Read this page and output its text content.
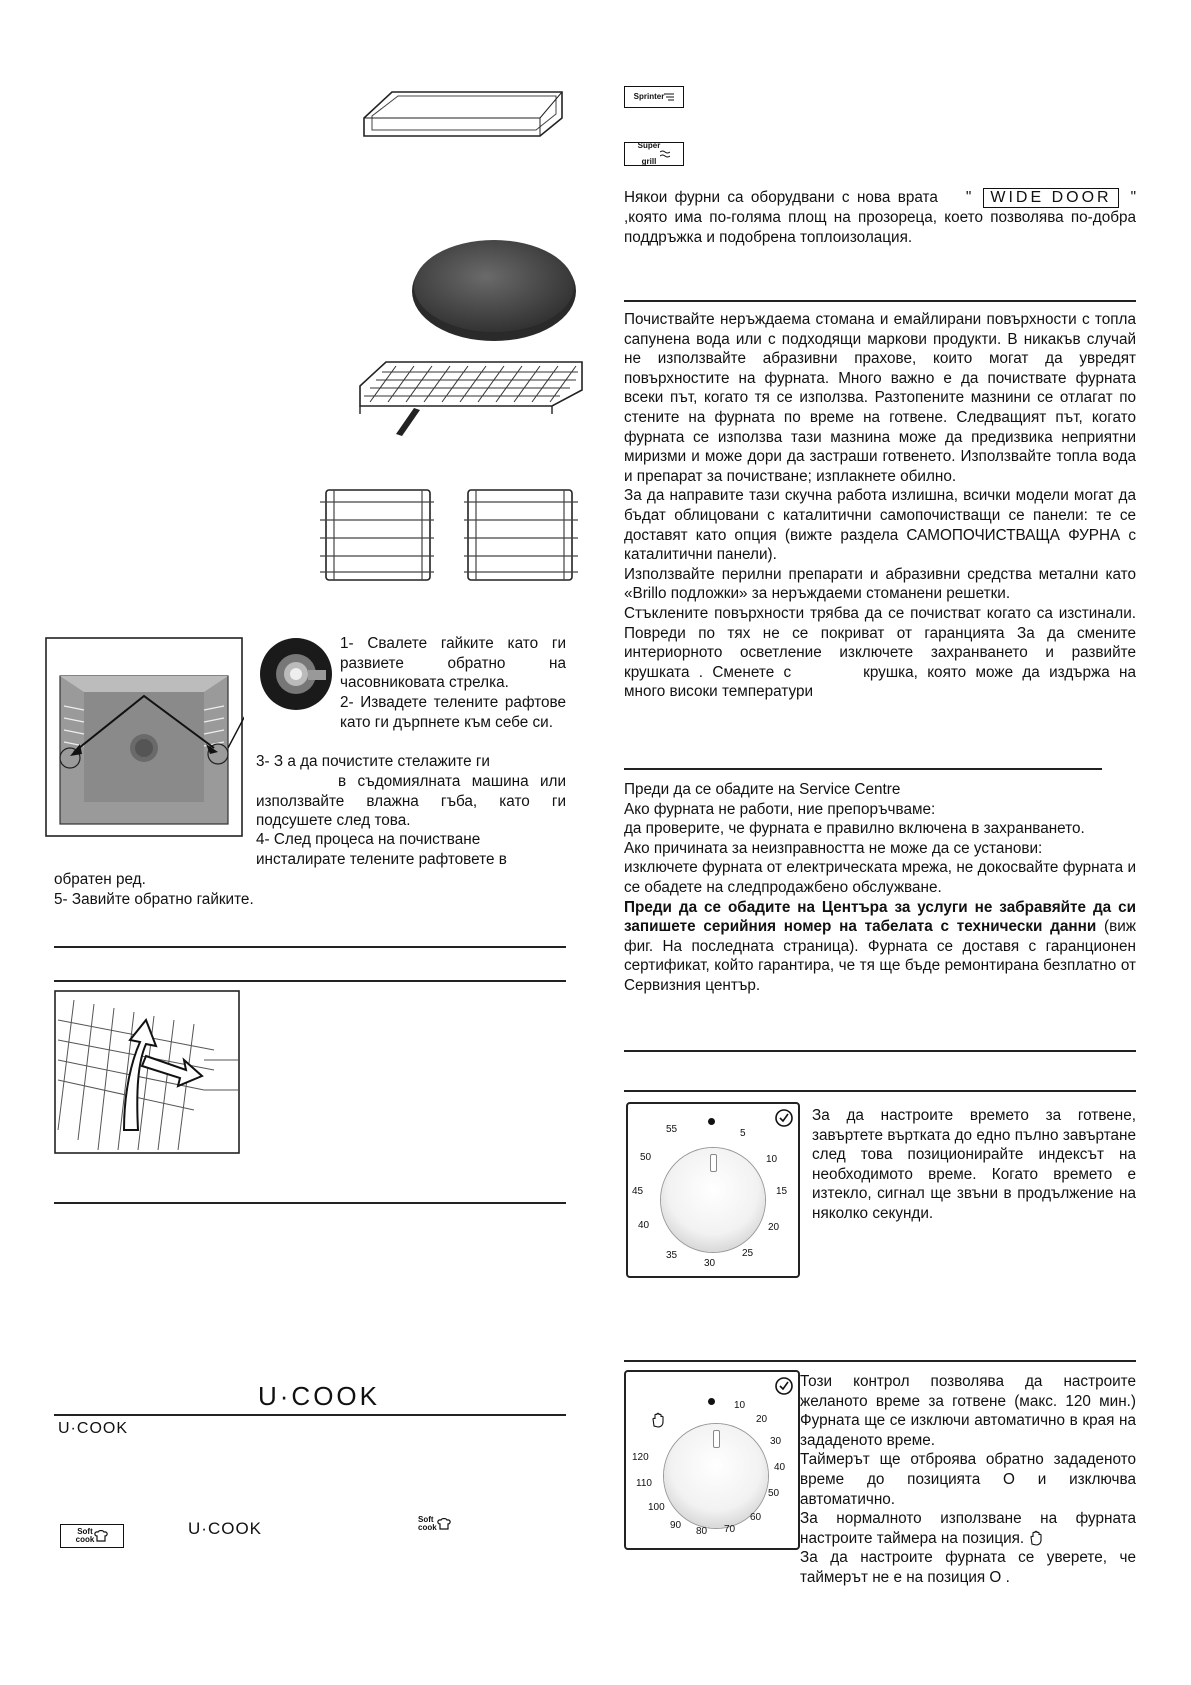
1- Свалете гайките като ги развиете обратно на часовниковата стрелка.
2- Извадете телените рафтове като ги дърпнете към себе си.
3- З а да почистите стелажите ги
в съдомиялната машина или използвайте влажна гъба, като ги подсушете след това.
4- След процеса на почистване
инсталирате телените рафтовете в
обратен ред.
5- Завийте обратно гайките.
U·COOK
U·COOK
Soft
cook
U·COOK	Soft
cook
Sprinter
Super

grill
Някои фурни са оборудвани с нова врата " WIDE DOOR " ,която има по-голяма площ на прозореца, което позволява по-добра поддръжка и подобрена топлоизолация.

Почиствайте неръждаема стомана и емайлирани повърхности с топла сапунена вода или с подходящи маркови продукти. В никакъв случай не използвайте абразивни прахове, които могат да увредят повърхностите на фурната. Много важно е да почиствате фурната всеки път, когато тя се използва. Разтопените мазнини се отлагат по стените на фурната по време на готвене. Следващият път, когато фурната се използва тази мазнина може да предизвика неприятни миризми и може дори да застраши готвенето. Използвайте топла вода и препарат за почистване; изплакнете обилно.

За да направите тази скучна работа излишна, всички модели могат да бъдат облицовани с каталитични самопочистващи се панели: те се доставят като опция (вижте раздела САМОПОЧИСТВАЩА ФУРНА с каталитични панели).

Използвайте перилни препарати и абразивни средства метални като «Brillo подложки» за неръждаеми стоманени решетки.

Стъклените повърхности трябва да се почистват когато са изстинали. Повреди по тях не се покриват от гаранцията За да смените интериорното осветление изключете захранването и развийте крушката . Сменете с	крушка, която може да издържа на много високи температури

Преди да се обадите на Service Centre

Ако фурната не работи, ние препоръчваме:

да проверите, че фурната е правилно включена в захранването.

Ако причината за неизправността не може да се установи:

изключете фурната от електрическата мрежа, не докосвайте фурната и се обадете на следпродажбено обслужване.

Преди да се обадите на Центъра за услуги не забравяйте да си запишете серийния номер на табелата с технически данни (виж фиг. На последната страница). Фурната се доставя с гаранционен сертификат, който гарантира, че тя ще бъде ремонтирана безплатно от Сервизния център.

55	5
50	10
45	15
40	20
35	25
30
За да настроите времето за готвене, завъртете въртката до едно пълно завъртане след това позиционирайте индексът на необходимото време. Когато времето е изтекло, сигнал ще звъни в продължение на няколко секунди.
10
20
30
40
50
60
70
80
90
100
110
120

Този контрол позволява да настроите желаното време за готвене (макс. 120 мин.) Фурната ще се изключи автоматично в края на зададеното време.

Таймерът ще отброява обратно зададеното време до позицията О и изключва автоматично.

За нормалното използване на фурната настроите таймера на позиция.

За да настроите фурната се уверете, че таймерът не е на позиция О .
